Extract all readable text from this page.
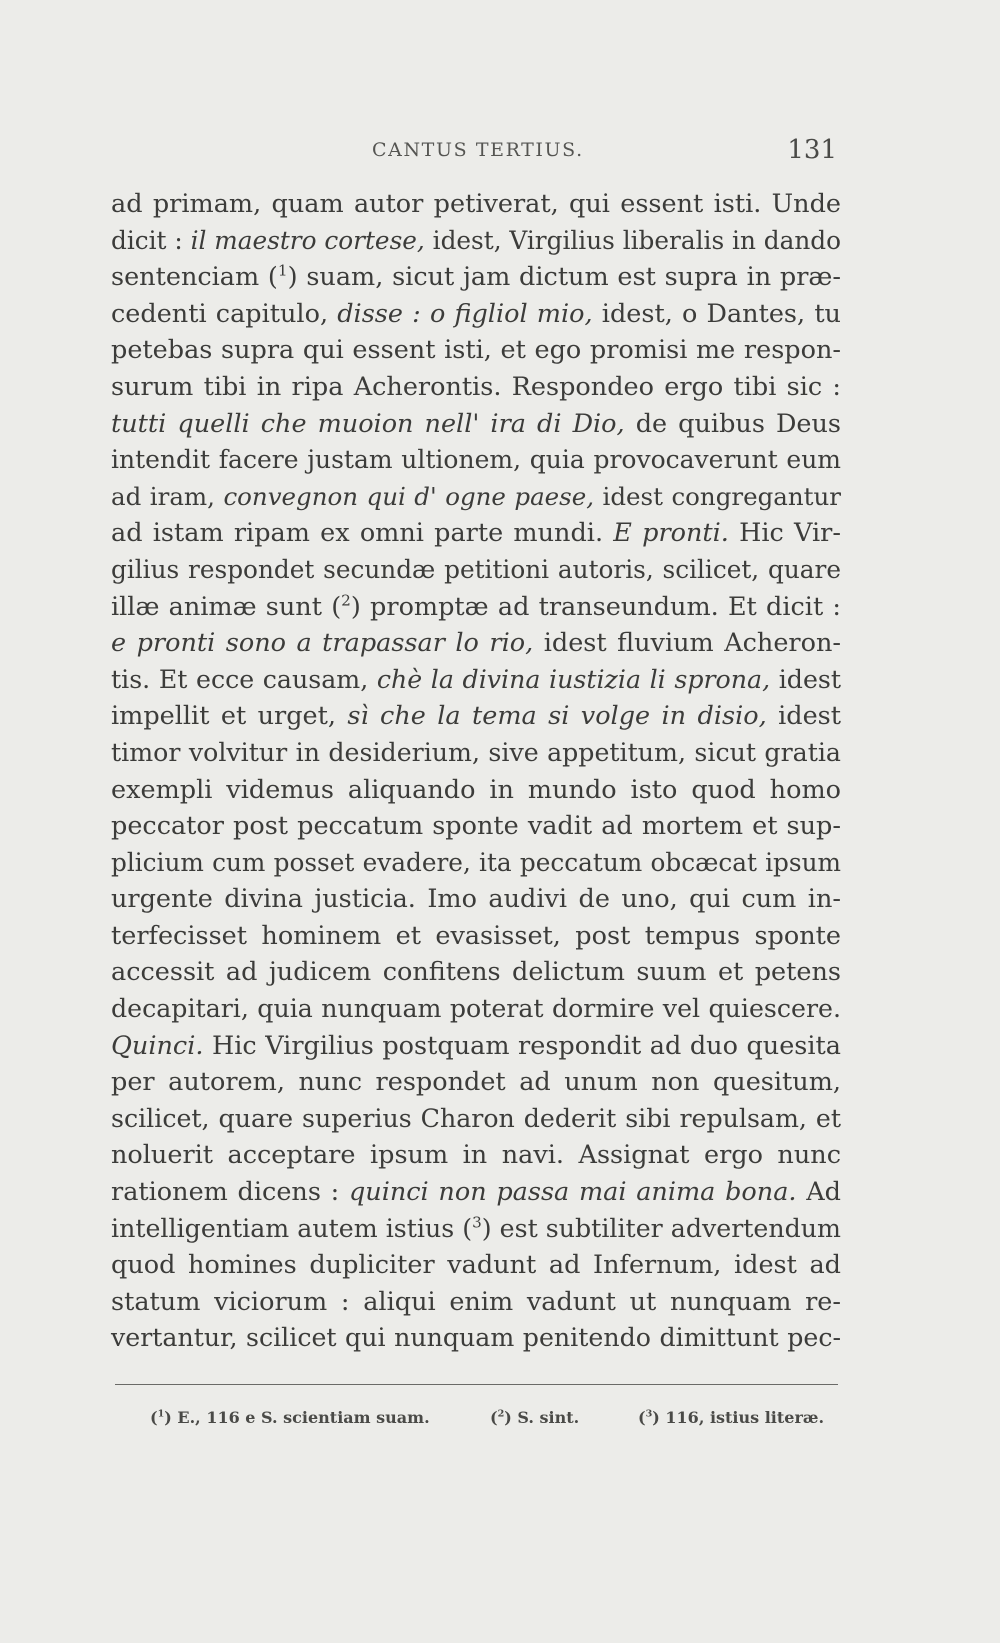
CANTUS TERTIUS.	131
ad primam, quam autor petiverat, qui essent isti. Unde
dicit : il maestro cortese, idest, Virgilius liberalis in dando
sentenciam ($^1$) suam, sicut jam dictum est supra in præ-
cedenti capitulo, disse : o figliol mio, idest, o Dantes, tu
petebas supra qui essent isti, et ego promisi me respon-
surum tibi in ripa Acherontis. Respondeo ergo tibi sic :
tutti quelli che muoion nell' ira di Dio, de quibus Deus
intendit facere justam ultionem, quia provocaverunt eum
ad iram, convegnon qui d' ogne paese, idest congregantur
ad istam ripam ex omni parte mundi. E pronti. Hic Vir-
gilius respondet secundæ petitioni autoris, scilicet, quare
illæ animæ sunt ($^2$) promptæ ad transeundum. Et dicit :
e pronti sono a trapassar lo rio, idest fluvium Acheron-
tis. Et ecce causam, chè la divina iustizia li sprona, idest
impellit et urget, sì che la tema si volge in disio, idest
timor volvitur in desiderium, sive appetitum, sicut gratia
exempli videmus aliquando in mundo isto quod homo
peccator post peccatum sponte vadit ad mortem et sup-
plicium cum posset evadere, ita peccatum obcæcat ipsum
urgente divina justicia. Imo audivi de uno, qui cum in-
terfecisset hominem et evasisset, post tempus sponte
accessit ad judicem confitens delictum suum et petens
decapitari, quia nunquam poterat dormire vel quiescere.
Quinci. Hic Virgilius postquam respondit ad duo quesita
per autorem, nunc respondet ad unum non quesitum,
scilicet, quare superius Charon dederit sibi repulsam, et
noluerit acceptare ipsum in navi. Assignat ergo nunc
rationem dicens : quinci non passa mai anima bona. Ad
intelligentiam autem istius ($^3$) est subtiliter advertendum
quod homines dupliciter vadunt ad Infernum, idest ad
statum viciorum : aliqui enim vadunt ut nunquam re-
vertantur, scilicet qui nunquam penitendo dimittunt pec-
($^1$) E., 116 e S. scientiam suam.	($^2$) S. sint.	($^3$) 116, istius literæ.
